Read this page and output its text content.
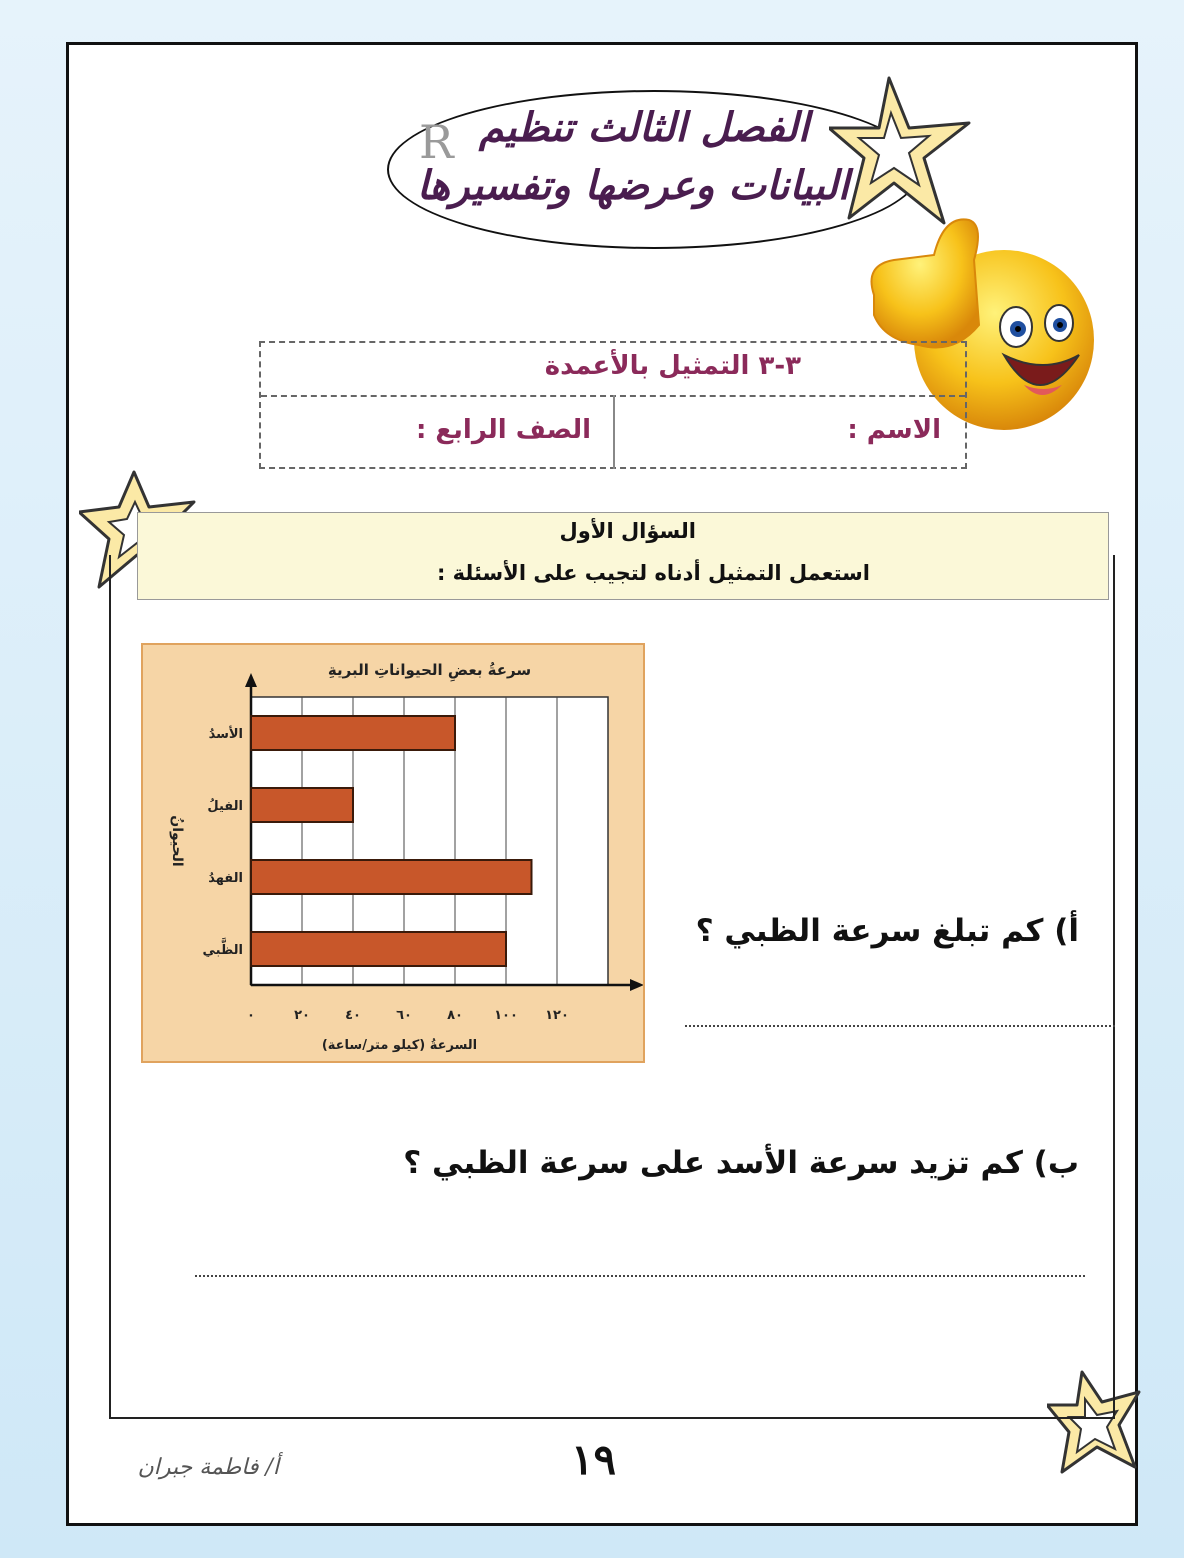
R الفصل الثالث تنظيم
البيانات وعرضها وتفسيرها
٣-٣ التمثيل بالأعمدة
الصف الرابع :	الاسم :
السؤال الأول
استعمل التمثيل أدناه لتجيب على الأسئلة :
الأسدُ
الفيلُ
الفهدُ
الظَّبي
٠	٢٠	٤٠	٦٠	٨٠ ١٠٠ ١٢٠
سرعةُ بعضِ الحيواناتِ البريةِ
السرعةُ (كيلو متر/ساعة)
الحيوانُ
أ) كم تبلغ سرعة الظبي ؟
ب) كم تزيد سرعة الأسد على سرعة الظبي ؟
١٩
أ/ فاطمة جبران
